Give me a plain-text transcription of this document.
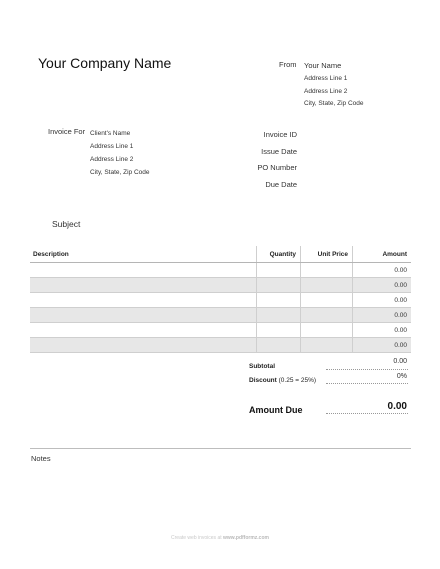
Your Company Name	From Your Name
Address Line 1
Address Line 2
City, State, Zip Code
Invoice For Client's Name
Address Line 1
Address Line 2
City, State, Zip Code
Invoice ID
Issue Date
PO Number
Due Date
Subject
Description	Quantity	Unit Price	Amount
			0.00
			0.00
			0.00
			0.00
			0.00
			0.00
Subtotal
0.00
Discount (0.25 = 25%)
0%
Amount Due	0.00
Notes
Create web invoices at www.pdfformz.com
